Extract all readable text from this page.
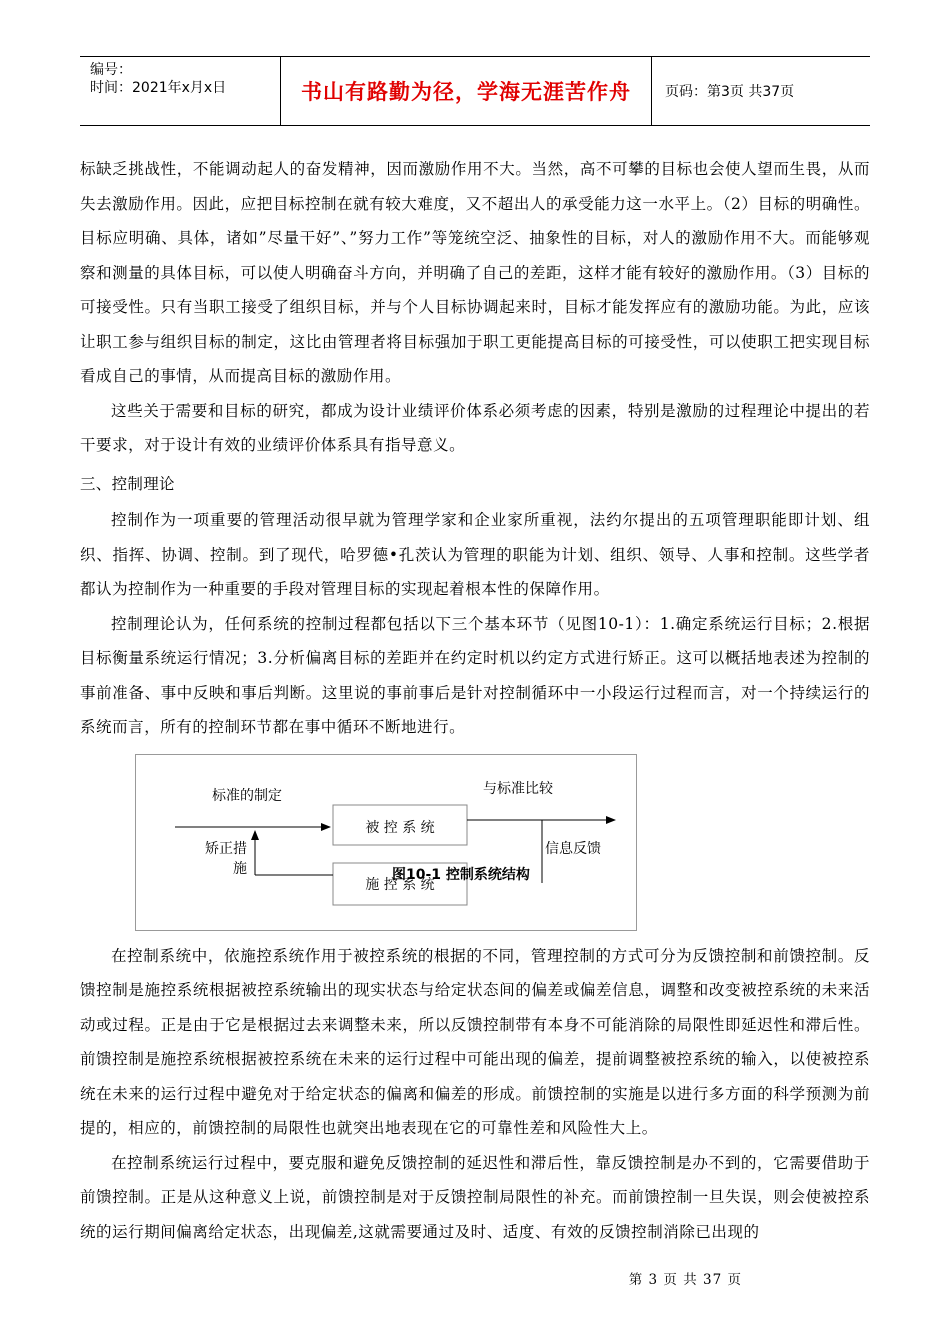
编号：
时间：2021年x月x日	书山有路勤为径，学海无涯苦作舟	页码：第3页 共37页

标缺乏挑战性，不能调动起人的奋发精神，因而激励作用不大。当然，高不可攀的目标也会使人望而生畏，从而失去激励作用。因此，应把目标控制在就有较大难度，又不超出人的承受能力这一水平上。（2）目标的明确性。目标应明确、具体，诸如”尽量干好”、”努力工作”等笼统空泛、抽象性的目标，对人的激励作用不大。而能够观察和测量的具体目标，可以使人明确奋斗方向，并明确了自己的差距，这样才能有较好的激励作用。（3）目标的可接受性。只有当职工接受了组织目标，并与个人目标协调起来时，目标才能发挥应有的激励功能。为此，应该让职工参与组织目标的制定，这比由管理者将目标强加于职工更能提高目标的可接受性，可以使职工把实现目标看成自己的事情，从而提高目标的激励作用。

这些关于需要和目标的研究，都成为设计业绩评价体系必须考虑的因素，特别是激励的过程理论中提出的若干要求，对于设计有效的业绩评价体系具有指导意义。

三、控制理论

控制作为一项重要的管理活动很早就为管理学家和企业家所重视，法约尔提出的五项管理职能即计划、组织、指挥、协调、控制。到了现代，哈罗德•孔茨认为管理的职能为计划、组织、领导、人事和控制。这些学者都认为控制作为一种重要的手段对管理目标的实现起着根本性的保障作用。

控制理论认为，任何系统的控制过程都包括以下三个基本环节（见图10-1）：1.确定系统运行目标；2.根据目标衡量系统运行情况；3.分析偏离目标的差距并在约定时机以约定方式进行矫正。这可以概括地表述为控制的事前准备、事中反映和事后判断。这里说的事前事后是针对控制循环中一小段运行过程而言，对一个持续运行的系统而言，所有的控制环节都在事中循环不断地进行。

被 控 系 统
施 控 系 统
标准的制定	与标准比较
矫正措
施
信息反馈
图10-1 控制系统结构

在控制系统中，依施控系统作用于被控系统的根据的不同，管理控制的方式可分为反馈控制和前馈控制。反馈控制是施控系统根据被控系统输出的现实状态与给定状态间的偏差或偏差信息，调整和改变被控系统的未来活动或过程。正是由于它是根据过去来调整未来，所以反馈控制带有本身不可能消除的局限性即延迟性和滞后性。前馈控制是施控系统根据被控系统在未来的运行过程中可能出现的偏差，提前调整被控系统的输入，以使被控系统在未来的运行过程中避免对于给定状态的偏离和偏差的形成。前馈控制的实施是以进行多方面的科学预测为前提的，相应的，前馈控制的局限性也就突出地表现在它的可靠性差和风险性大上。

在控制系统运行过程中，要克服和避免反馈控制的延迟性和滞后性，靠反馈控制是办不到的，它需要借助于前馈控制。正是从这种意义上说，前馈控制是对于反馈控制局限性的补充。而前馈控制一旦失误，则会使被控系统的运行期间偏离给定状态，出现偏差,这就需要通过及时、适度、有效的反馈控制消除已出现的

第 3 页 共 37 页
